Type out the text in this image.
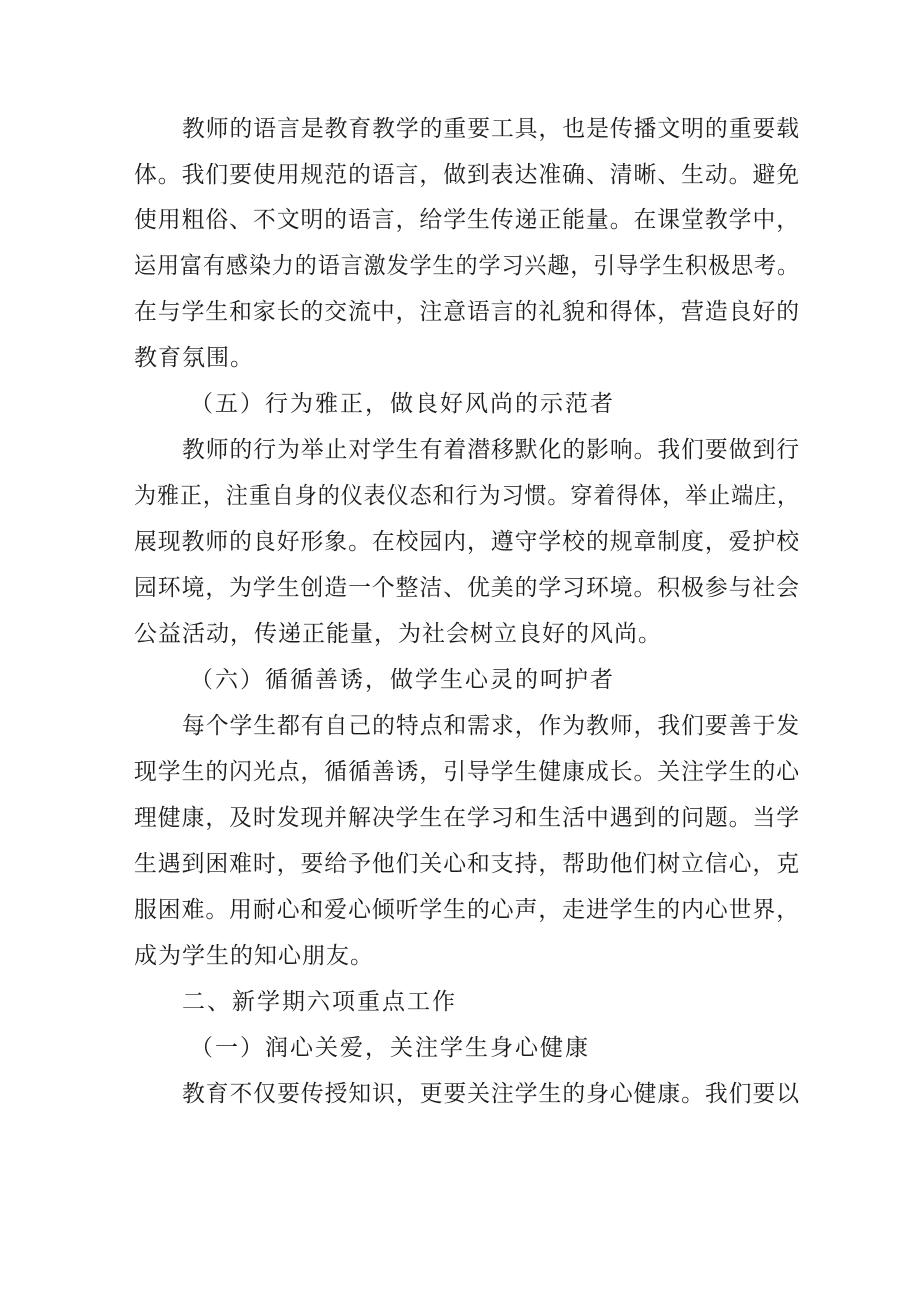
教师的语言是教育教学的重要工具，也是传播文明的重要载
体。我们要使用规范的语言，做到表达准确、清晰、生动。避免
使用粗俗、不文明的语言，给学生传递正能量。在课堂教学中，
运用富有感染力的语言激发学生的学习兴趣，引导学生积极思考。
在与学生和家长的交流中，注意语言的礼貌和得体，营造良好的
教育氛围。
（五）行为雅正，做良好风尚的示范者
教师的行为举止对学生有着潜移默化的影响。我们要做到行
为雅正，注重自身的仪表仪态和行为习惯。穿着得体，举止端庄，
展现教师的良好形象。在校园内，遵守学校的规章制度，爱护校
园环境，为学生创造一个整洁、优美的学习环境。积极参与社会
公益活动，传递正能量，为社会树立良好的风尚。
（六）循循善诱，做学生心灵的呵护者
每个学生都有自己的特点和需求，作为教师，我们要善于发
现学生的闪光点，循循善诱，引导学生健康成长。关注学生的心
理健康，及时发现并解决学生在学习和生活中遇到的问题。当学
生遇到困难时，要给予他们关心和支持，帮助他们树立信心，克
服困难。用耐心和爱心倾听学生的心声，走进学生的内心世界，
成为学生的知心朋友。
二、新学期六项重点工作
（一）润心关爱，关注学生身心健康
教育不仅要传授知识，更要关注学生的身心健康。我们要以
